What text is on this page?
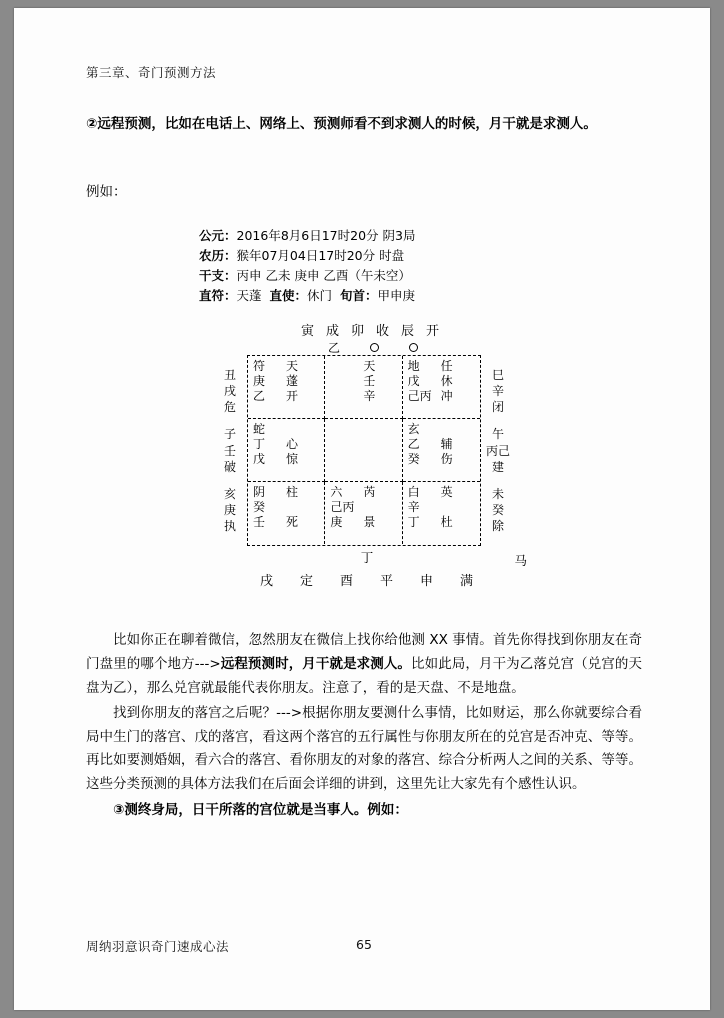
第三章、奇门预测方法

②远程预测，比如在电话上、网络上、预测师看不到求测人的时候，月干就是求测人。

例如：

公元：2016年8月6日17时20分 阴3局
农历：猴年07月04日17时20分 时盘
干支：丙申 乙未 庚申 乙酉（午未空）
直符：天蓬 直使：休门 旬首：甲申庚
寅 成 卯 收 辰 开
乙
丑
戌
危
子
壬
破
亥
庚
执
符 天
庚 蓬
乙 开
天
壬
辛
地 任
戊 休
己丙 冲
蛇
丁 心
戊 惊
玄
乙 辅
癸 伤
阴 柱
癸
壬 死
六 芮
己丙
庚 景
白 英
辛
丁 杜
巳
辛
闭
午
丙己
建
未
癸
除
丁
戌 定 酉 平 申 满
马

比如你正在聊着微信，忽然朋友在微信上找你给他测 XX 事情。首先你得找到你朋友在奇门盘里的哪个地方--->远程预测时，月干就是求测人。比如此局，月干为乙落兑宫（兑宫的天盘为乙），那么兑宫就最能代表你朋友。注意了，看的是天盘、不是地盘。

找到你朋友的落宫之后呢？--->根据你朋友要测什么事情，比如财运，那么你就要综合看局中生门的落宫、戊的落宫，看这两个落宫的五行属性与你朋友所在的兑宫是否冲克、等等。再比如要测婚姻，看六合的落宫、看你朋友的对象的落宫、综合分析两人之间的关系、等等。这些分类预测的具体方法我们在后面会详细的讲到，这里先让大家先有个感性认识。

③测终身局，日干所落的宫位就是当事人。例如：

周纳羽意识奇门速成心法	65
